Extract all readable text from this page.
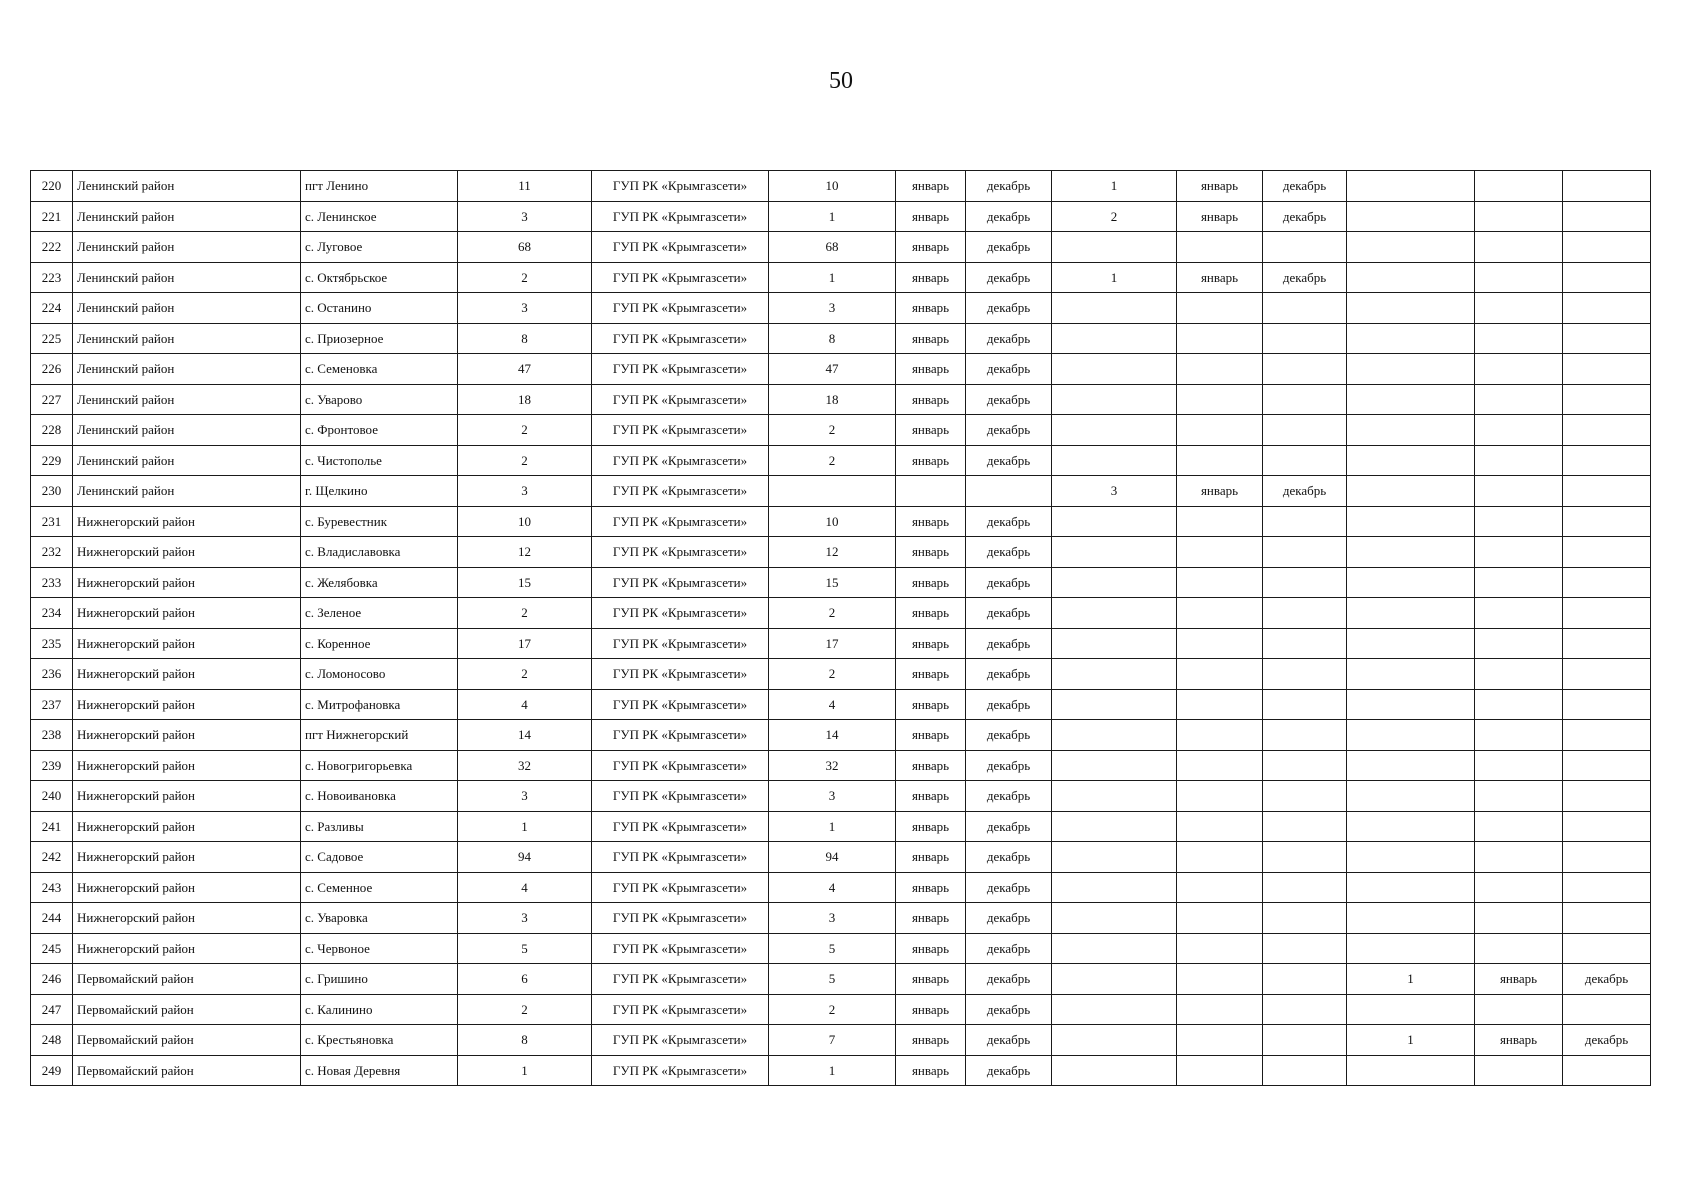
50
220	Ленинский район	пгт Ленино	11	ГУП РК «Крымгазсети»	10	январь	декабрь	1	январь	декабрь			
221	Ленинский район	с. Ленинское	3	ГУП РК «Крымгазсети»	1	январь	декабрь	2	январь	декабрь			
222	Ленинский район	с. Луговое	68	ГУП РК «Крымгазсети»	68	январь	декабрь						
223	Ленинский район	с. Октябрьское	2	ГУП РК «Крымгазсети»	1	январь	декабрь	1	январь	декабрь			
224	Ленинский район	с. Останино	3	ГУП РК «Крымгазсети»	3	январь	декабрь						
225	Ленинский район	с. Приозерное	8	ГУП РК «Крымгазсети»	8	январь	декабрь						
226	Ленинский район	с. Семеновка	47	ГУП РК «Крымгазсети»	47	январь	декабрь						
227	Ленинский район	с. Уварово	18	ГУП РК «Крымгазсети»	18	январь	декабрь						
228	Ленинский район	с. Фронтовое	2	ГУП РК «Крымгазсети»	2	январь	декабрь						
229	Ленинский район	с. Чистополье	2	ГУП РК «Крымгазсети»	2	январь	декабрь						
230	Ленинский район	г. Щелкино	3	ГУП РК «Крымгазсети»				3	январь	декабрь			
231	Нижнегорский район	с. Буревестник	10	ГУП РК «Крымгазсети»	10	январь	декабрь						
232	Нижнегорский район	с. Владиславовка	12	ГУП РК «Крымгазсети»	12	январь	декабрь						
233	Нижнегорский район	с. Желябовка	15	ГУП РК «Крымгазсети»	15	январь	декабрь						
234	Нижнегорский район	с. Зеленое	2	ГУП РК «Крымгазсети»	2	январь	декабрь						
235	Нижнегорский район	с. Коренное	17	ГУП РК «Крымгазсети»	17	январь	декабрь						
236	Нижнегорский район	с. Ломоносово	2	ГУП РК «Крымгазсети»	2	январь	декабрь						
237	Нижнегорский район	с. Митрофановка	4	ГУП РК «Крымгазсети»	4	январь	декабрь						
238	Нижнегорский район	пгт Нижнегорский	14	ГУП РК «Крымгазсети»	14	январь	декабрь						
239	Нижнегорский район	с. Новогригорьевка	32	ГУП РК «Крымгазсети»	32	январь	декабрь						
240	Нижнегорский район	с. Новоивановка	3	ГУП РК «Крымгазсети»	3	январь	декабрь						
241	Нижнегорский район	с. Разливы	1	ГУП РК «Крымгазсети»	1	январь	декабрь						
242	Нижнегорский район	с. Садовое	94	ГУП РК «Крымгазсети»	94	январь	декабрь						
243	Нижнегорский район	с. Семенное	4	ГУП РК «Крымгазсети»	4	январь	декабрь						
244	Нижнегорский район	с. Уваровка	3	ГУП РК «Крымгазсети»	3	январь	декабрь						
245	Нижнегорский район	с. Червоное	5	ГУП РК «Крымгазсети»	5	январь	декабрь						
246	Первомайский район	с. Гришино	6	ГУП РК «Крымгазсети»	5	январь	декабрь				1	январь	декабрь
247	Первомайский район	с. Калинино	2	ГУП РК «Крымгазсети»	2	январь	декабрь						
248	Первомайский район	с. Крестьяновка	8	ГУП РК «Крымгазсети»	7	январь	декабрь				1	январь	декабрь
249	Первомайский район	с. Новая Деревня	1	ГУП РК «Крымгазсети»	1	январь	декабрь						
